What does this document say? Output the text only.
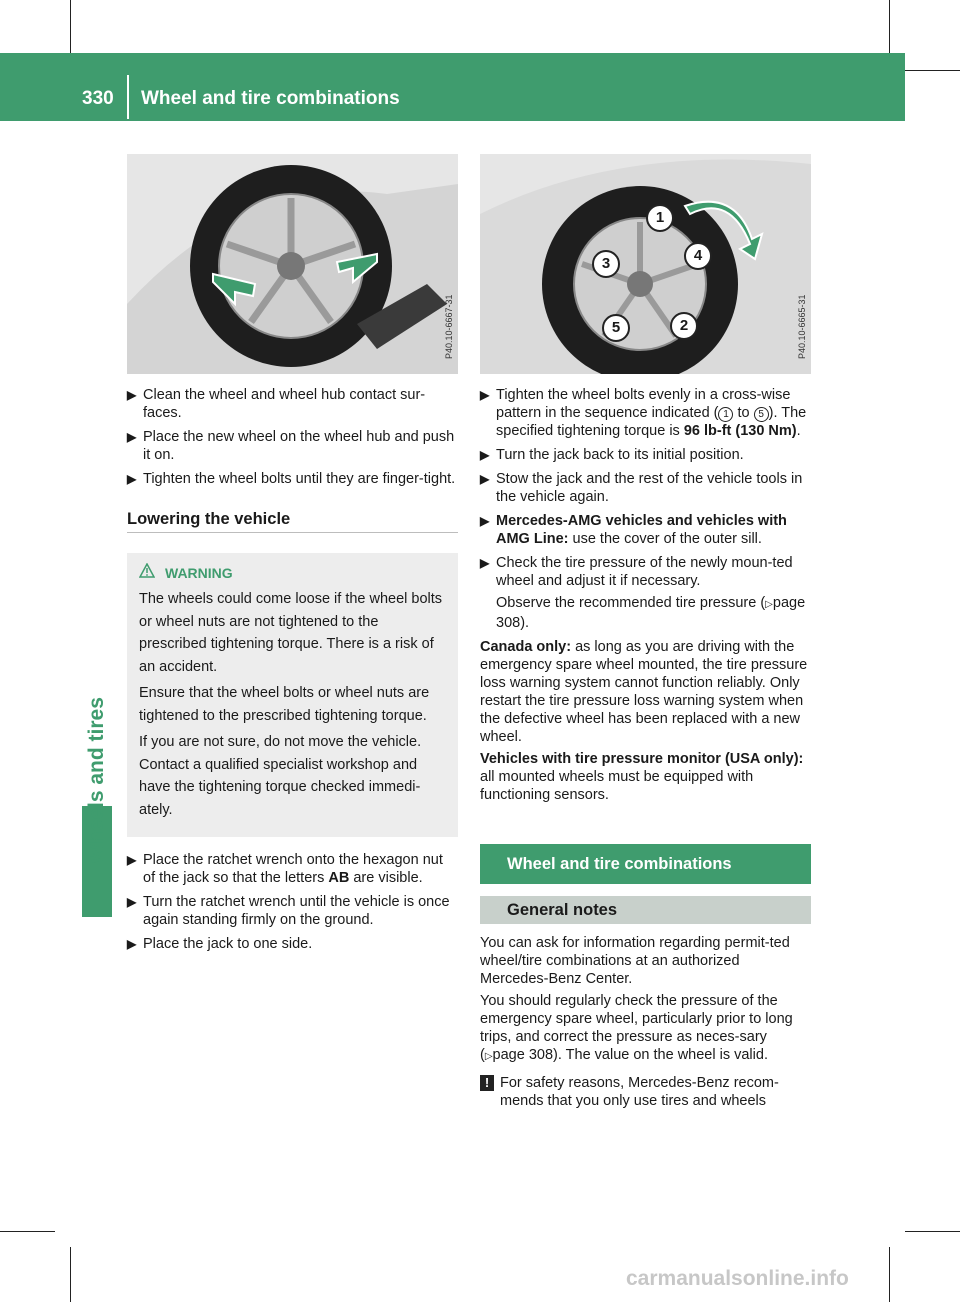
330 Wheel and tire combinations
Wheels and tires
P40.10-6667-31
1
2
3	4
5	P40.10-6665-31
▶ Clean the wheel and wheel hub contact sur-faces.
▶ Place the new wheel on the wheel hub and push it on.
▶ Tighten the wheel bolts until they are finger-tight.
Lowering the vehicle
WARNING

The wheels could come loose if the wheel bolts or wheel nuts are not tightened to the prescribed tightening torque. There is a risk of an accident.

Ensure that the wheel bolts or wheel nuts are tightened to the prescribed tightening torque.

If you are not sure, do not move the vehicle. Contact a qualified specialist workshop and have the tightening torque checked immedi-ately.

▶ Place the ratchet wrench onto the hexagon nut of the jack so that the letters AB are visible.
▶ Turn the ratchet wrench until the vehicle is once again standing firmly on the ground.
▶ Place the jack to one side.
▶ Tighten the wheel bolts evenly in a cross-wise pattern in the sequence indicated ( 1 to 5 ). The specified tightening torque is 96 lb-ft (130 Nm).
▶ Turn the jack back to its initial position.
▶ Stow the jack and the rest of the vehicle tools in the vehicle again.
▶ Mercedes-AMG vehicles and vehicles with AMG Line: use the cover of the outer sill.
▶ Check the tire pressure of the newly moun-ted wheel and adjust it if necessary.
Observe the recommended tire pressure (▷page 308).

Canada only: as long as you are driving with the emergency spare wheel mounted, the tire pressure loss warning system cannot function reliably. Only restart the tire pressure loss warning system when the defective wheel has been replaced with a new wheel.

Vehicles with tire pressure monitor (USA only): all mounted wheels must be equipped with functioning sensors.

Wheel and tire combinations
General notes

You can ask for information regarding permit-ted wheel/tire combinations at an authorized Mercedes-Benz Center.

You should regularly check the pressure of the emergency spare wheel, particularly prior to long trips, and correct the pressure as neces-sary (▷page 308). The value on the wheel is valid.

! For safety reasons, Mercedes-Benz recom-mends that you only use tires and wheels
carmanualsonline.info
